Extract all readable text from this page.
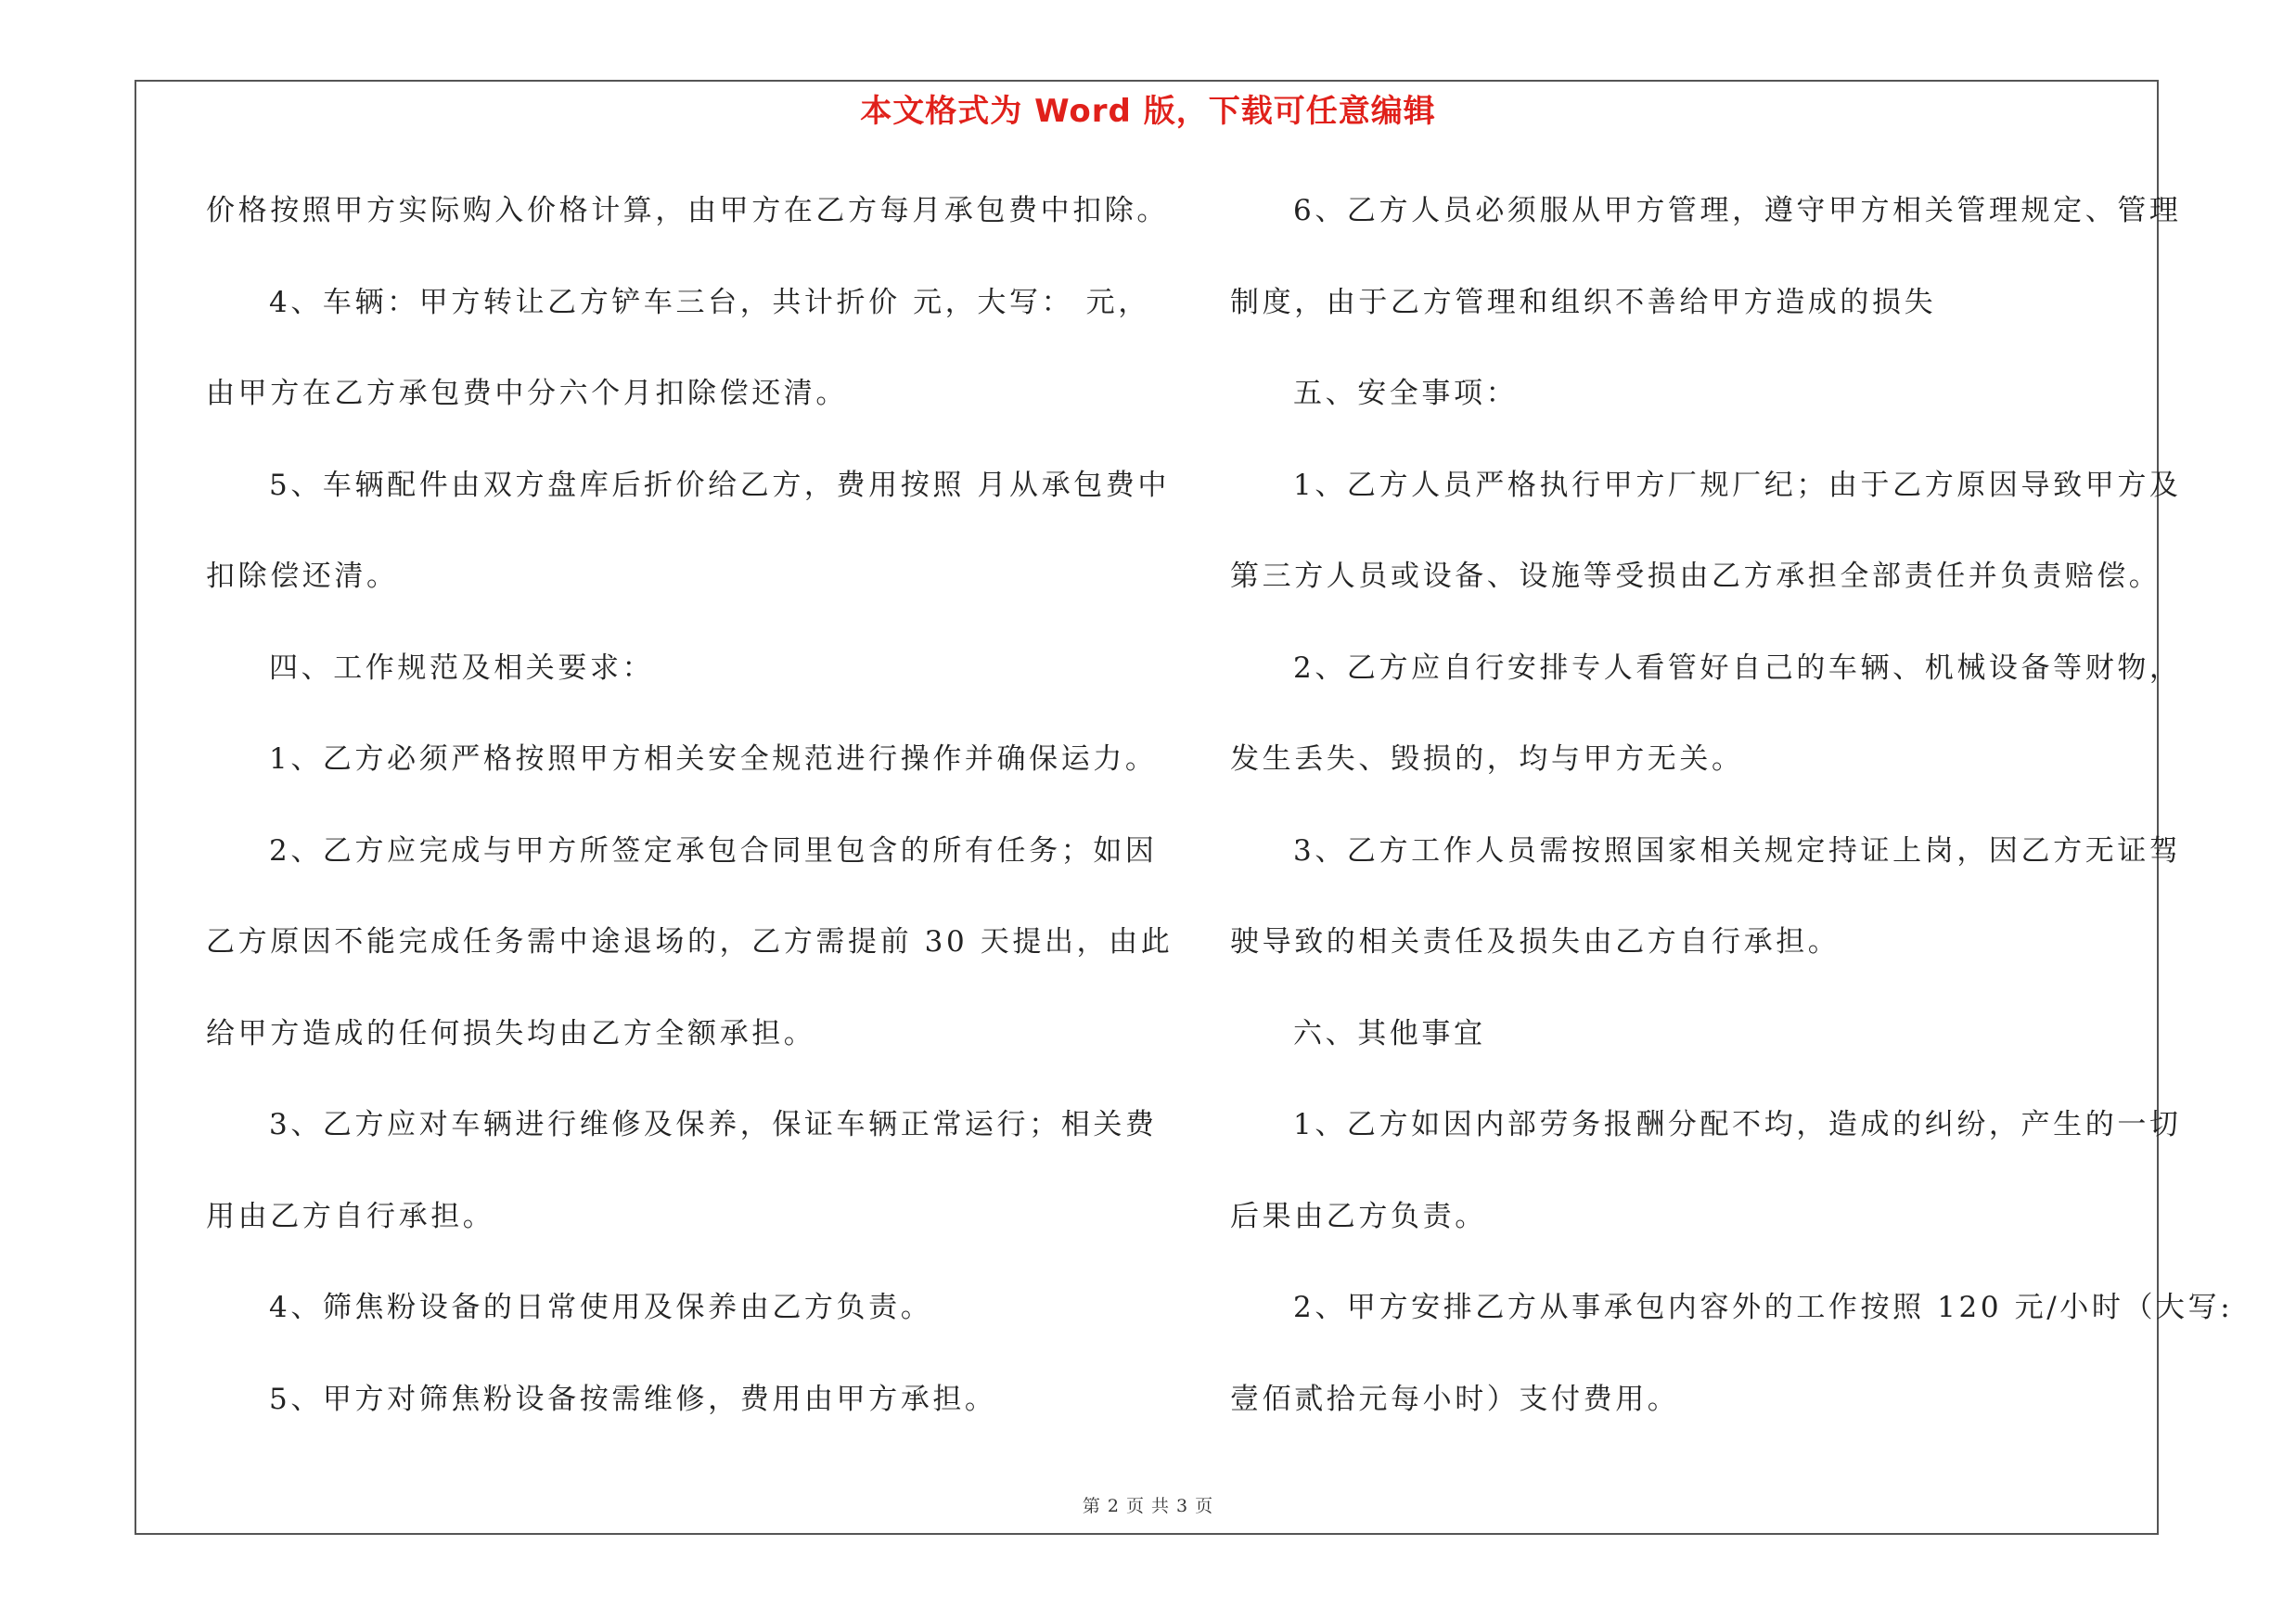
本文格式为 Word 版，下载可任意编辑
价格按照甲方实际购入价格计算，由甲方在乙方每月承包费中扣除。
4、车辆：甲方转让乙方铲车三台，共计折价 元，大写： 元，
由甲方在乙方承包费中分六个月扣除偿还清。
5、车辆配件由双方盘库后折价给乙方，费用按照 月从承包费中
扣除偿还清。
四、工作规范及相关要求：
1、乙方必须严格按照甲方相关安全规范进行操作并确保运力。
2、乙方应完成与甲方所签定承包合同里包含的所有任务；如因
乙方原因不能完成任务需中途退场的，乙方需提前 30 天提出，由此
给甲方造成的任何损失均由乙方全额承担。
3、乙方应对车辆进行维修及保养，保证车辆正常运行；相关费
用由乙方自行承担。
4、筛焦粉设备的日常使用及保养由乙方负责。
5、甲方对筛焦粉设备按需维修，费用由甲方承担。
6、乙方人员必须服从甲方管理，遵守甲方相关管理规定、管理
制度，由于乙方管理和组织不善给甲方造成的损失
五、安全事项：
1、乙方人员严格执行甲方厂规厂纪；由于乙方原因导致甲方及
第三方人员或设备、设施等受损由乙方承担全部责任并负责赔偿。
2、乙方应自行安排专人看管好自己的车辆、机械设备等财物，
发生丢失、毁损的，均与甲方无关。
3、乙方工作人员需按照国家相关规定持证上岗，因乙方无证驾
驶导致的相关责任及损失由乙方自行承担。
六、其他事宜
1、乙方如因内部劳务报酬分配不均，造成的纠纷，产生的一切
后果由乙方负责。
2、甲方安排乙方从事承包内容外的工作按照 120 元/小时（大写:
壹佰贰拾元每小时）支付费用。
第 2 页 共 3 页
